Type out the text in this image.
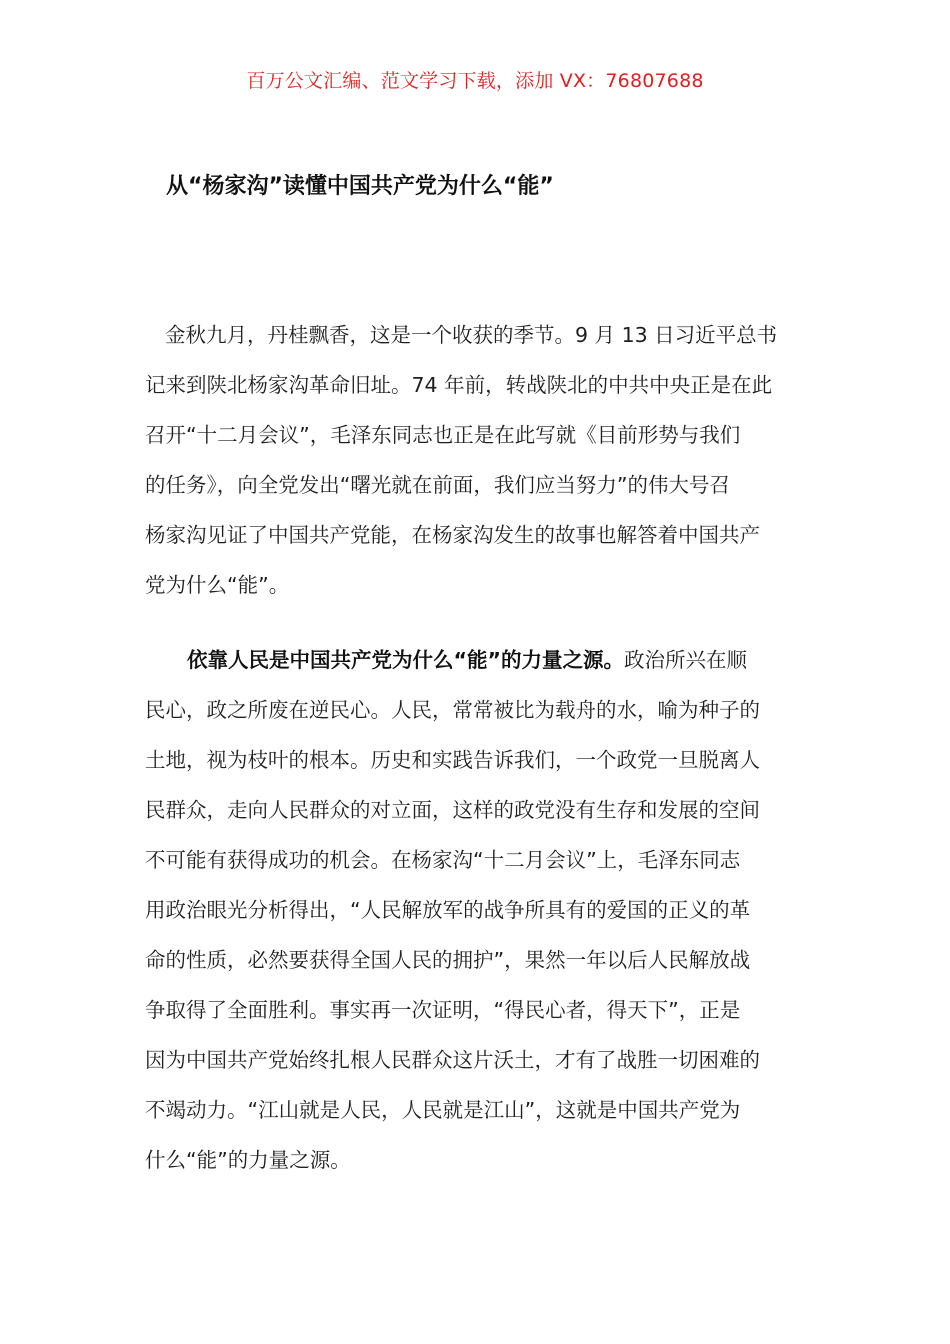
百万公文汇编、范文学习下载，添加 VX：76807688
从“杨家沟”读懂中国共产党为什么“能”
金秋九月，丹桂飘香，这是一个收获的季节。9 月 13 日习近平总书
记来到陕北杨家沟革命旧址。74 年前，转战陕北的中共中央正是在此
召开“十二月会议”，毛泽东同志也正是在此写就《目前形势与我们
的任务》，向全党发出“曙光就在前面，我们应当努力”的伟大号召
杨家沟见证了中国共产党能，在杨家沟发生的故事也解答着中国共产
党为什么“能”。
依靠人民是中国共产党为什么“能”的力量之源。政治所兴在顺
民心，政之所废在逆民心。人民，常常被比为载舟的水，喻为种子的
土地，视为枝叶的根本。历史和实践告诉我们，一个政党一旦脱离人
民群众，走向人民群众的对立面，这样的政党没有生存和发展的空间
不可能有获得成功的机会。在杨家沟“十二月会议”上，毛泽东同志
用政治眼光分析得出，“人民解放军的战争所具有的爱国的正义的革
命的性质，必然要获得全国人民的拥护”，果然一年以后人民解放战
争取得了全面胜利。事实再一次证明，“得民心者，得天下”，正是
因为中国共产党始终扎根人民群众这片沃土，才有了战胜一切困难的
不竭动力。“江山就是人民，人民就是江山”，这就是中国共产党为
什么“能”的力量之源。
